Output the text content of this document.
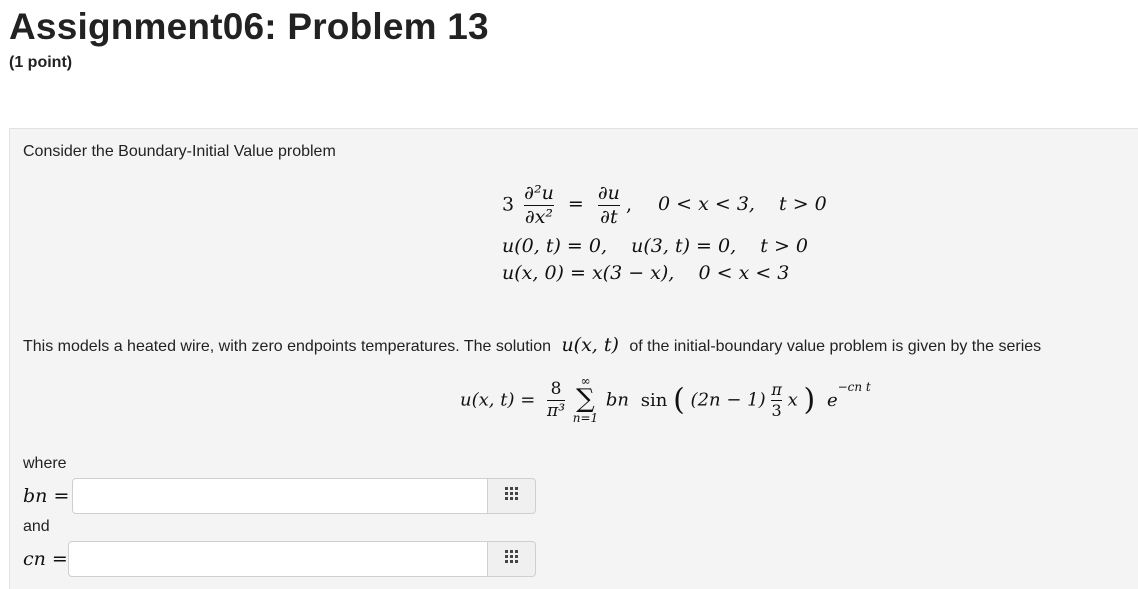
Assignment06: Problem 13
(1 point)
Consider the Boundary-Initial Value problem
$3 \frac{\text{∂²u}}{\text{∂x²}} = \frac{\partial u}{\partial t}$ , 0 < x < 3, t > 0
u(0, t) = 0,    u(3, t) = 0,    t > 0
u(x, 0) = x(3 − x),    0 < x < 3
This models a heated wire, with zero endpoints temperatures. The solution u(x, t) of the initial-boundary value problem is given by the series
u(x, $t) = \frac{8}{\text{π³}}$
	∞
∑
n=1
bn sin ( $(2n - 1) \frac{\pi}{3}$ x ) $e^{-cn t}$
where
bn =
and
cn =
